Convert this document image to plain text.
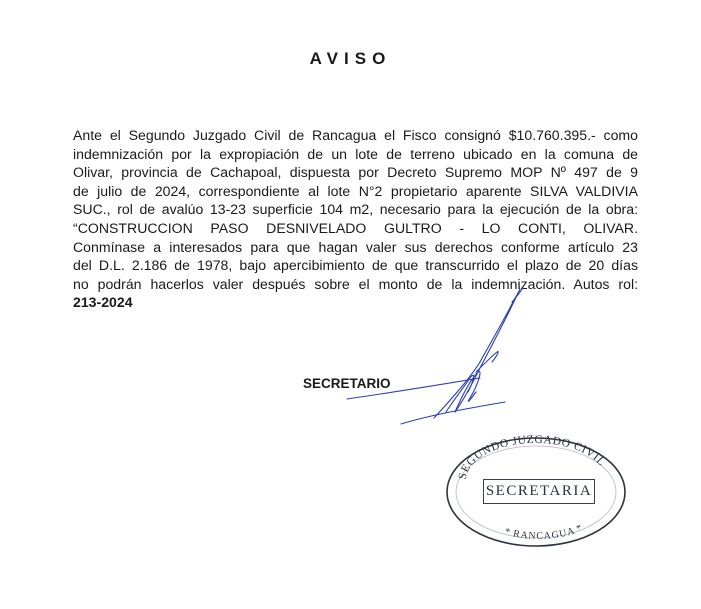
AVISO
Ante el Segundo Juzgado Civil de Rancagua el Fisco consignó $10.760.395.- como
indemnización por la expropiación de un lote de terreno ubicado en la comuna de
Olivar, provincia de Cachapoal, dispuesta por Decreto Supremo MOP Nº 497 de 9
de julio de 2024, correspondiente al lote N°2 propietario aparente SILVA VALDIVIA
SUC., rol de avalúo 13-23 superficie 104 m2, necesario para la ejecución de la obra:
“CONSTRUCCION PASO DESNIVELADO GULTRO - LO CONTI, OLIVAR.
Conmínase a interesados para que hagan valer sus derechos conforme artículo 23
del D.L. 2.186 de 1978, bajo apercibimiento de que transcurrido el plazo de 20 días
no podrán hacerlos valer después sobre el monto de la indemnización. Autos rol:
213-2024
SECRETARIO
SEGUNDO JUZGADO CIVIL
* RANCAGUA *
SECRETARIA
